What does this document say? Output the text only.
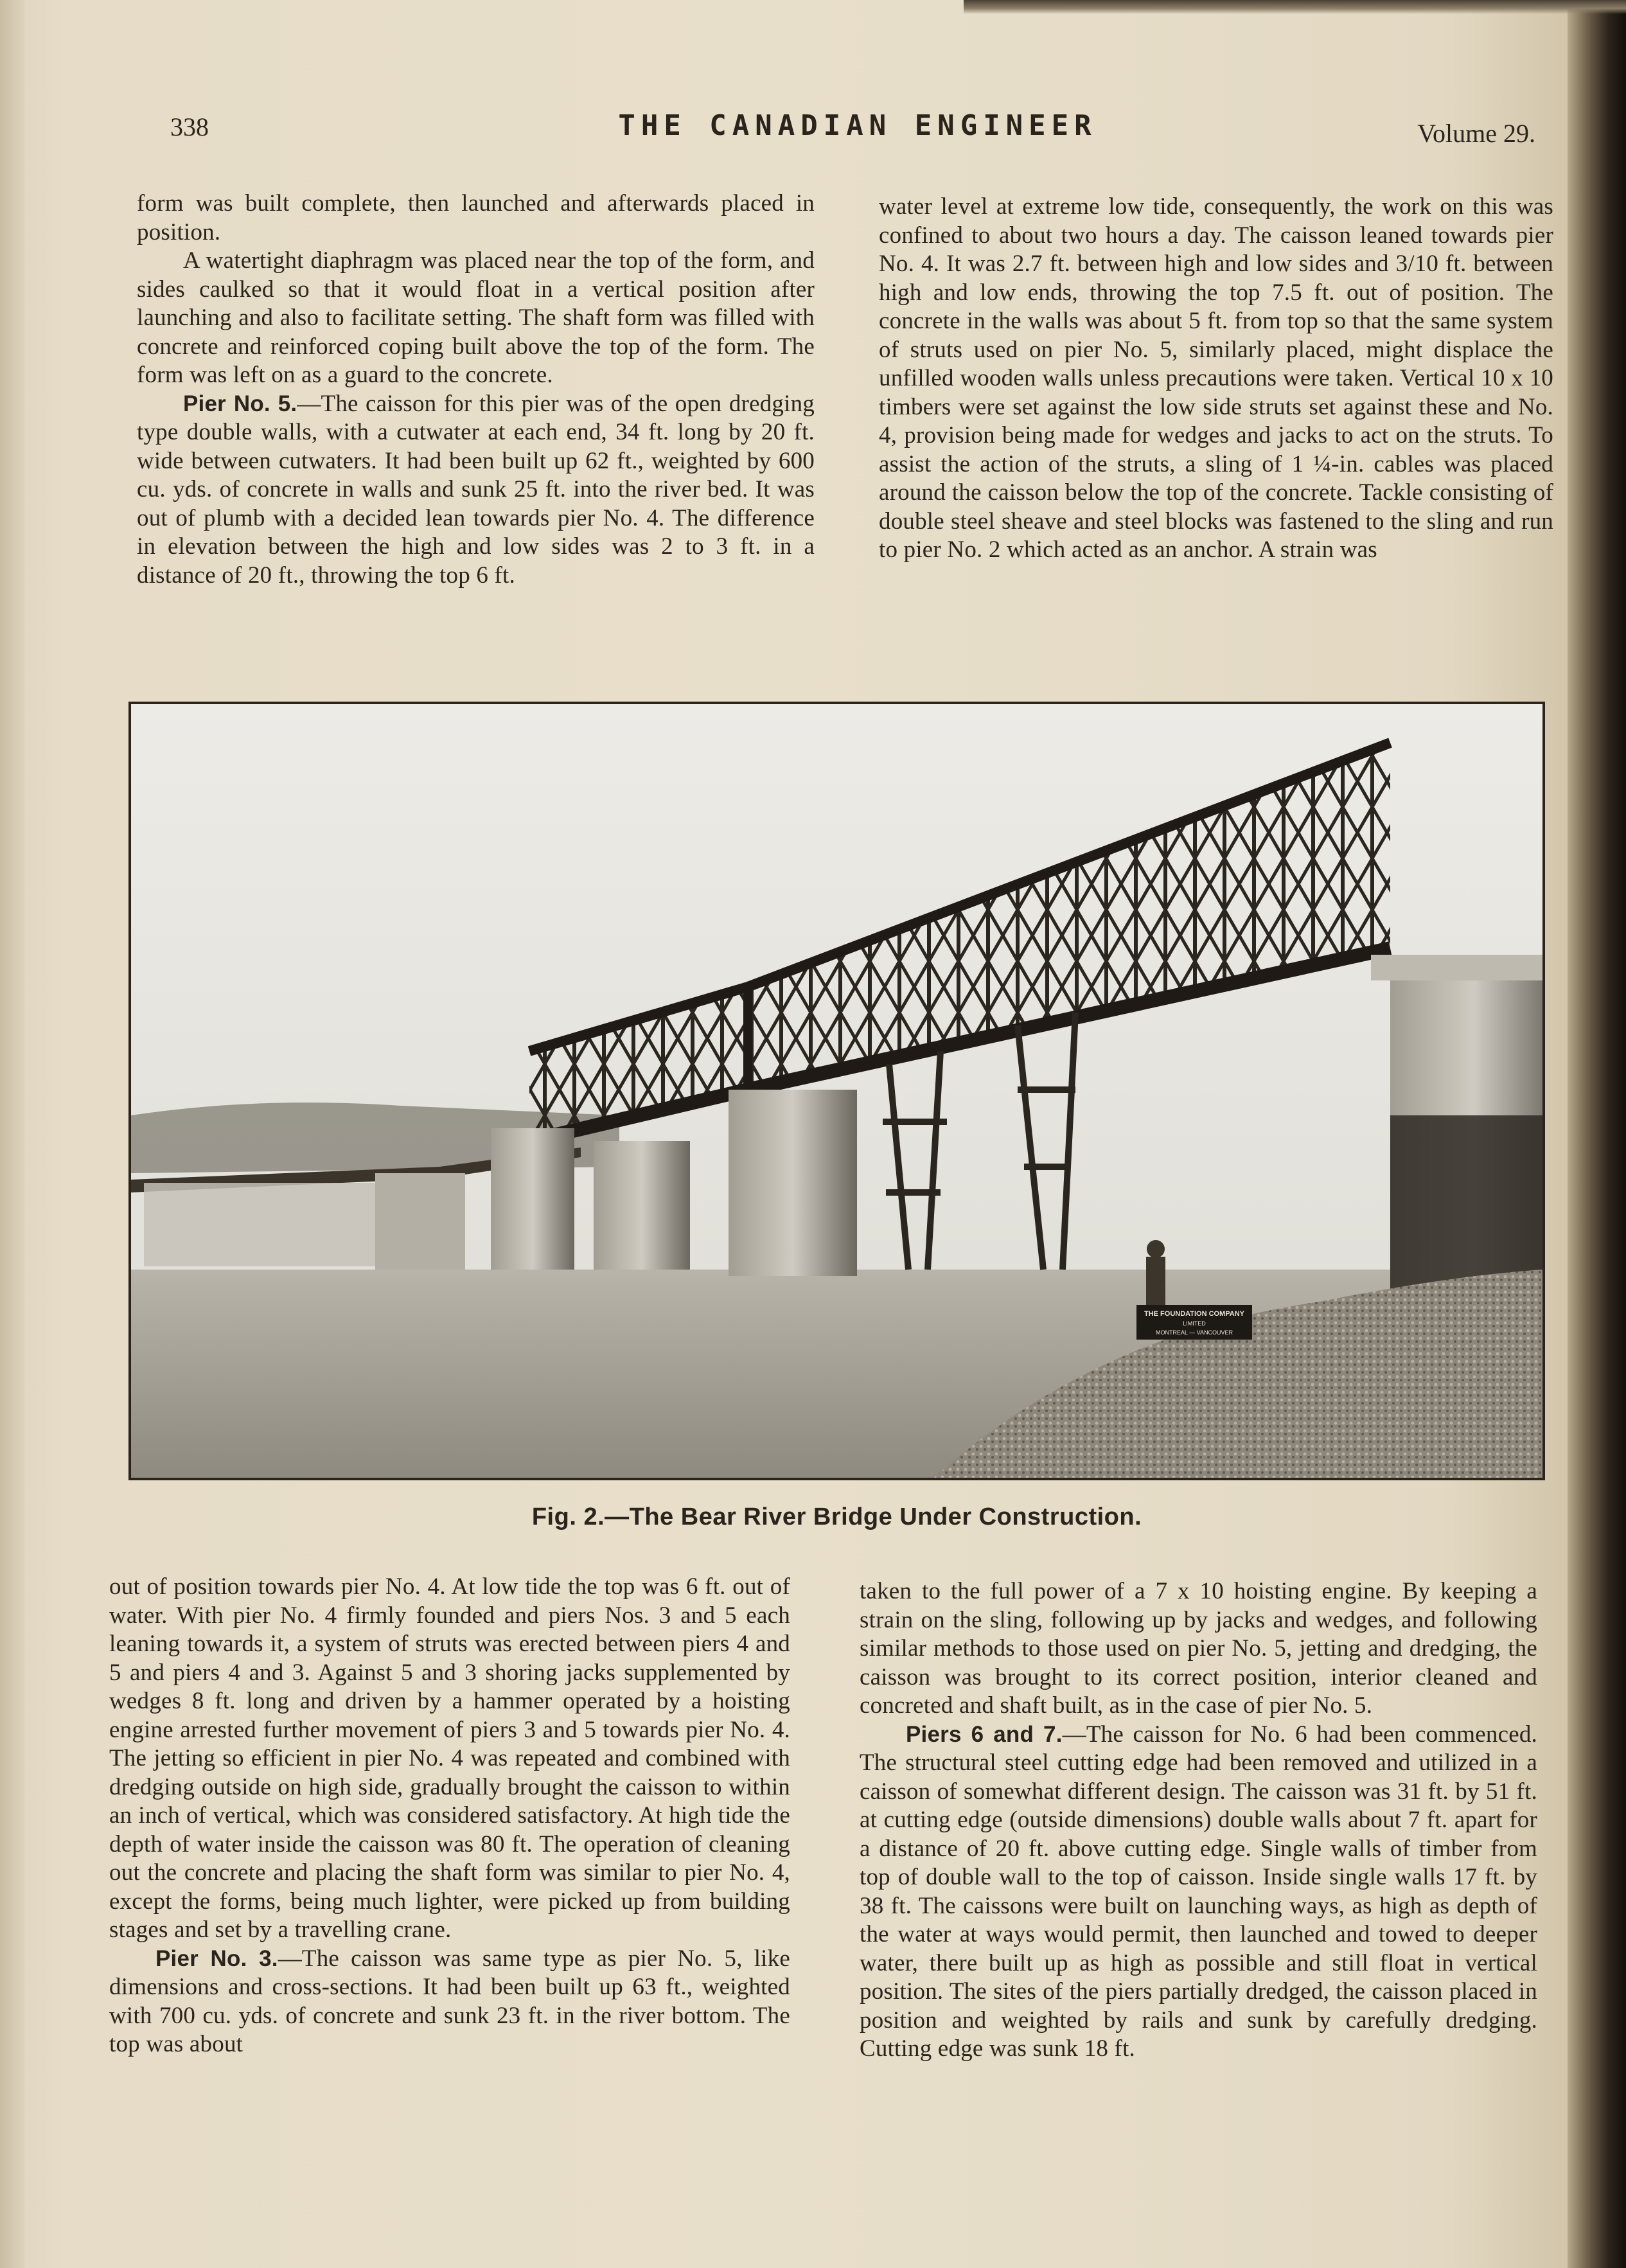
338	THE CANADIAN ENGINEER	Volume 29.

form was built complete, then launched and afterwards placed in position.

A watertight diaphragm was placed near the top of the form, and sides caulked so that it would float in a vertical position after launching and also to facilitate setting. The shaft form was filled with concrete and reinforced coping built above the top of the form. The form was left on as a guard to the concrete.

Pier No. 5.—The caisson for this pier was of the open dredging type double walls, with a cutwater at each end, 34 ft. long by 20 ft. wide between cutwaters. It had been built up 62 ft., weighted by 600 cu. yds. of concrete in walls and sunk 25 ft. into the river bed. It was out of plumb with a decided lean towards pier No. 4. The difference in elevation between the high and low sides was 2 to 3 ft. in a distance of 20 ft., throwing the top 6 ft.

water level at extreme low tide, consequently, the work on this was confined to about two hours a day. The caisson leaned towards pier No. 4. It was 2.7 ft. between high and low sides and 3/10 ft. between high and low ends, throwing the top 7.5 ft. out of position. The concrete in the walls was about 5 ft. from top so that the same system of struts used on pier No. 5, similarly placed, might displace the unfilled wooden walls unless precautions were taken. Vertical 10 x 10 timbers were set against the low side struts set against these and No. 4, provision being made for wedges and jacks to act on the struts. To assist the action of the struts, a sling of 1 ¼-in. cables was placed around the caisson below the top of the concrete. Tackle consisting of double steel sheave and steel blocks was fastened to the sling and run to pier No. 2 which acted as an anchor. A strain was

THE FOUNDATION COMPANY
LIMITED
MONTREAL — VANCOUVER
Fig. 2.—The Bear River Bridge Under Construction.

out of position towards pier No. 4. At low tide the top was 6 ft. out of water. With pier No. 4 firmly founded and piers Nos. 3 and 5 each leaning towards it, a system of struts was erected between piers 4 and 5 and piers 4 and 3. Against 5 and 3 shoring jacks supplemented by wedges 8 ft. long and driven by a hammer operated by a hoisting engine arrested further movement of piers 3 and 5 towards pier No. 4. The jetting so efficient in pier No. 4 was repeated and combined with dredging outside on high side, gradually brought the caisson to within an inch of vertical, which was considered satisfactory. At high tide the depth of water inside the caisson was 80 ft. The operation of cleaning out the concrete and placing the shaft form was similar to pier No. 4, except the forms, being much lighter, were picked up from building stages and set by a travelling crane.

Pier No. 3.—The caisson was same type as pier No. 5, like dimensions and cross-sections. It had been built up 63 ft., weighted with 700 cu. yds. of concrete and sunk 23 ft. in the river bottom. The top was about

taken to the full power of a 7 x 10 hoisting engine. By keeping a strain on the sling, following up by jacks and wedges, and following similar methods to those used on pier No. 5, jetting and dredging, the caisson was brought to its correct position, interior cleaned and concreted and shaft built, as in the case of pier No. 5.

Piers 6 and 7.—The caisson for No. 6 had been commenced. The structural steel cutting edge had been removed and utilized in a caisson of somewhat different design. The caisson was 31 ft. by 51 ft. at cutting edge (outside dimensions) double walls about 7 ft. apart for a distance of 20 ft. above cutting edge. Single walls of timber from top of double wall to the top of caisson. Inside single walls 17 ft. by 38 ft. The caissons were built on launching ways, as high as depth of the water at ways would permit, then launched and towed to deeper water, there built up as high as possible and still float in vertical position. The sites of the piers partially dredged, the caisson placed in position and weighted by rails and sunk by carefully dredging. Cutting edge was sunk 18 ft.
